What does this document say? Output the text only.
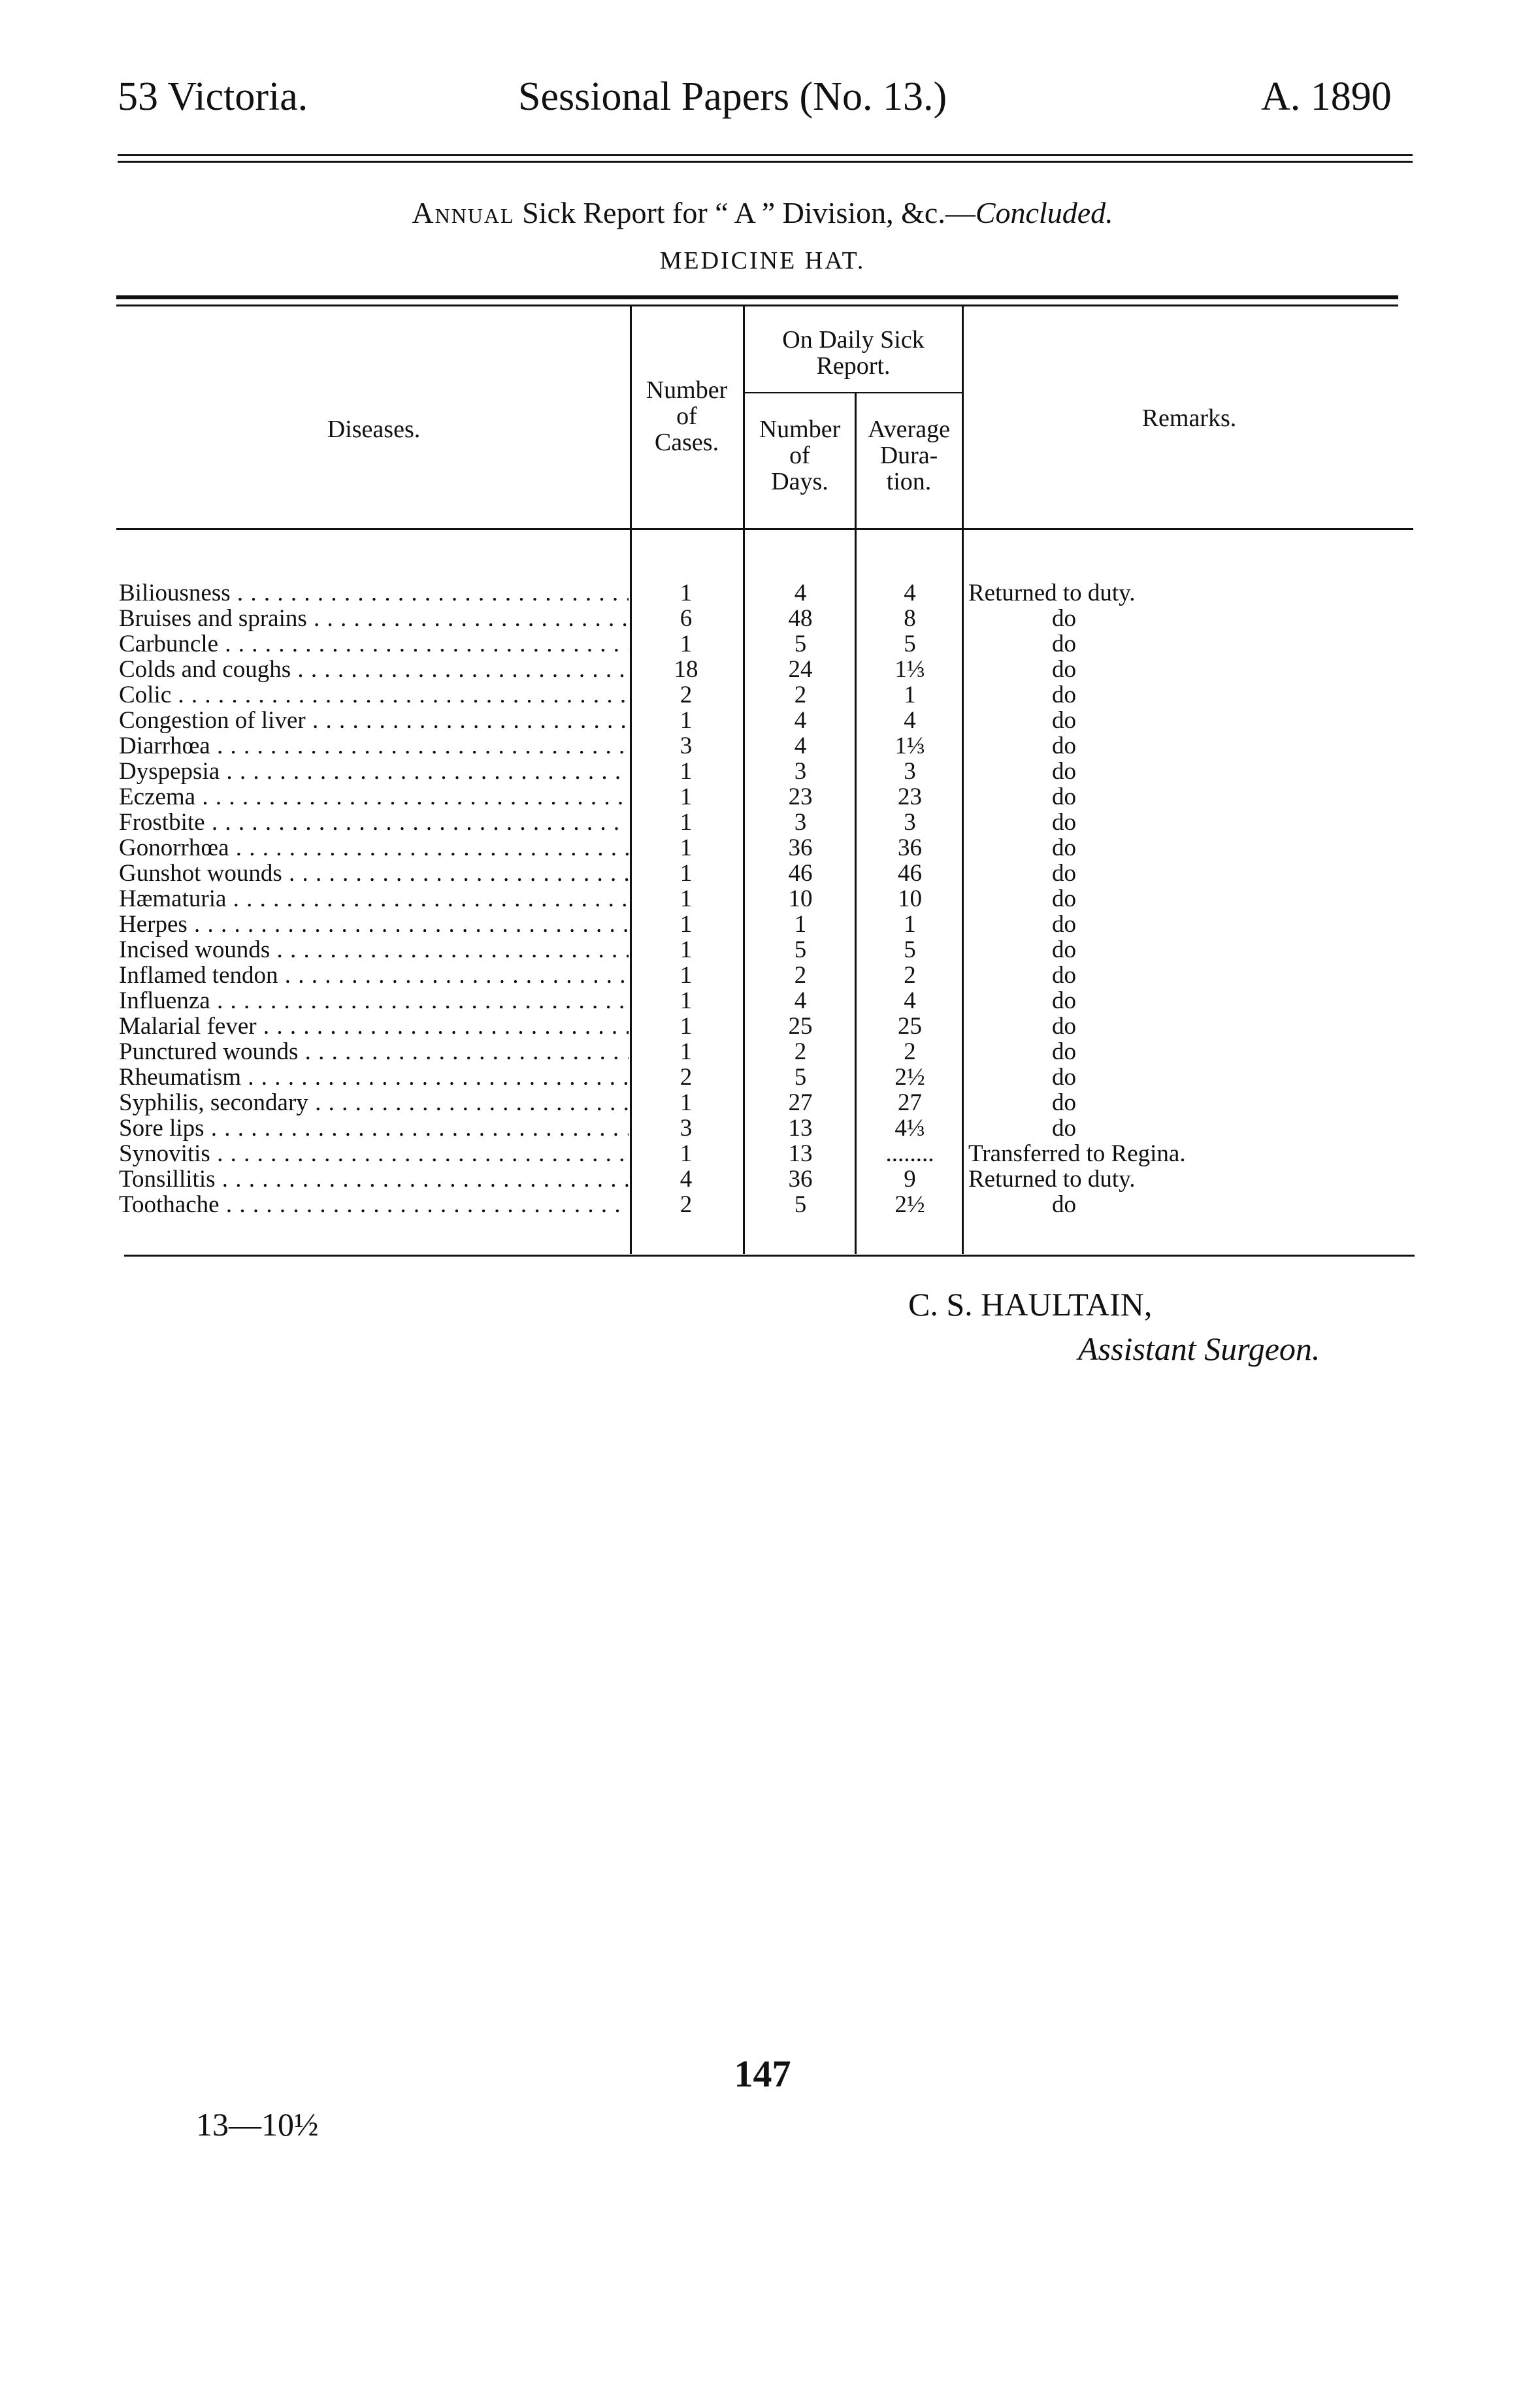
53 Victoria.	Sessional Papers (No. 13.)	A. 1890
Annual Sick Report for “ A ” Division, &c.—Concluded.
MEDICINE HAT.
Diseases.
Number
of
Cases.
On Daily Sick
Report.
Number
of
Days.
Average
Dura-
tion.
Remarks.
Biliousness . . .	1	4	4	Returned to duty.
Bruises and sprains . . .	6	48	8	do
Carbuncle . . .	1	5	5	do
Colds and coughs . . .	18	24	1⅓	do
Colic . . .	2	2	1	do
Congestion of liver . . .	1	4	4	do
Diarrhœa . . .	3	4	1⅓	do
Dyspepsia . . .	1	3	3	do
Eczema . . .	1	23	23	do
Frostbite . . .	1	3	3	do
Gonorrhœa . . .	1	36	36	do
Gunshot wounds . . .	1	46	46	do
Hæmaturia . . .	1	10	10	do
Herpes . . .	1	1	1	do
Incised wounds . . .	1	5	5	do
Inflamed tendon . . .	1	2	2	do
Influenza . . .	1	4	4	do
Malarial fever . . .	1	25	25	do
Punctured wounds . . .	1	2	2	do
Rheumatism . . .	2	5	2½	do
Syphilis, secondary . . .	1	27	27	do
Sore lips . . .	3	13	4⅓	do
Synovitis . . .	1	13	........	Transferred to Regina.
Tonsillitis . . .	4	36	9	Returned to duty.
Toothache . . .	2	5	2½	do
C. S. HAULTAIN,
Assistant Surgeon.
147
13—10½
